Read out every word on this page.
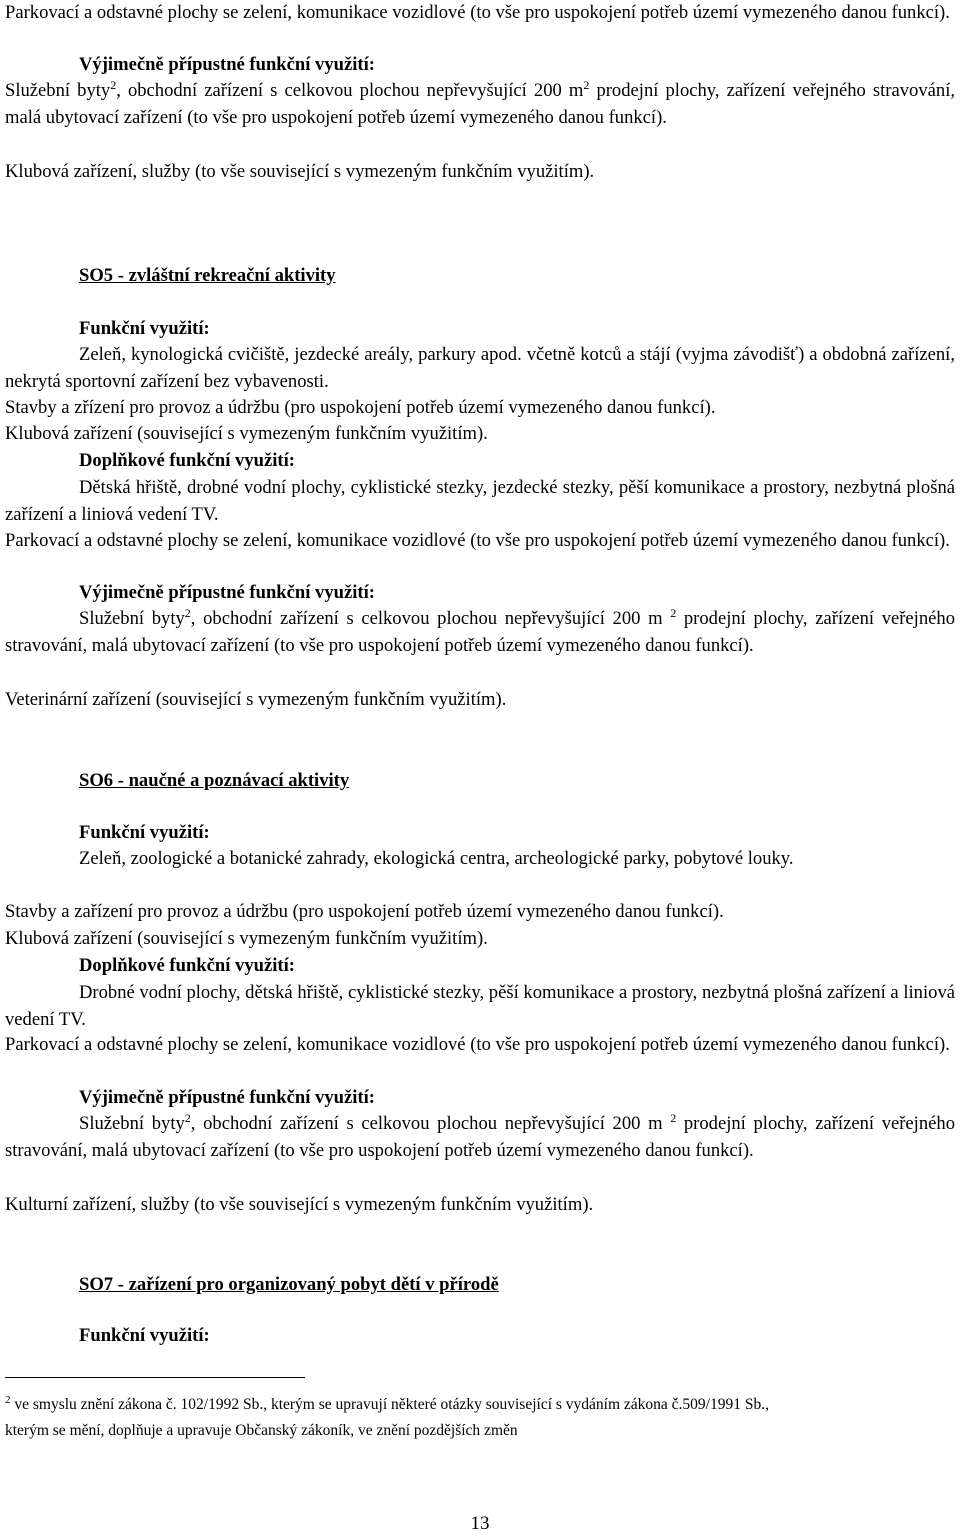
Parkovací a odstavné plochy se zelení, komunikace vozidlové (to vše pro uspokojení potřeb území vymezeného danou funkcí).
Výjimečně přípustné funkční využití:
Služební byty$^2$, obchodní zařízení s celkovou plochou nepřevyšující 200 $m^2$ prodejní plochy, zařízení veřejného stravování, malá ubytovací zařízení (to vše pro uspokojení potřeb území vymezeného danou funkcí).
Klubová zařízení, služby (to vše související s vymezeným funkčním využitím).
SO5 - zvláštní rekreační aktivity
Funkční využití:
Zeleň, kynologická cvičiště, jezdecké areály, parkury apod. včetně kotců a stájí (vyjma závodišť) a obdobná zařízení, nekrytá sportovní zařízení bez vybavenosti.
Stavby a zřízení pro provoz a údržbu (pro uspokojení potřeb území vymezeného danou funkcí).
Klubová zařízení (související s vymezeným funkčním využitím).
Doplňkové funkční využití:
Dětská hřiště, drobné vodní plochy, cyklistické stezky, jezdecké stezky, pěší komunikace a prostory, nezbytná plošná zařízení a liniová vedení TV.
Parkovací a odstavné plochy se zelení, komunikace vozidlové (to vše pro uspokojení potřeb území vymezeného danou funkcí).
Výjimečně přípustné funkční využití:
Služební byty$^2$, obchodní zařízení s celkovou plochou nepřevyšující 200 m $^2$ prodejní plochy, zařízení veřejného stravování, malá ubytovací zařízení (to vše pro uspokojení potřeb území vymezeného danou funkcí).
Veterinární zařízení (související s vymezeným funkčním využitím).
SO6 - naučné a poznávací aktivity
Funkční využití:
Zeleň, zoologické a botanické zahrady, ekologická centra, archeologické parky, pobytové louky.
Stavby a zařízení pro provoz a údržbu (pro uspokojení potřeb území vymezeného danou funkcí).
Klubová zařízení (související s vymezeným funkčním využitím).
Doplňkové funkční využití:
Drobné vodní plochy, dětská hřiště, cyklistické stezky, pěší komunikace a prostory, nezbytná plošná zařízení a liniová vedení TV.
Parkovací a odstavné plochy se zelení, komunikace vozidlové (to vše pro uspokojení potřeb území vymezeného danou funkcí).
Výjimečně přípustné funkční využití:
Služební byty$^2$, obchodní zařízení s celkovou plochou nepřevyšující 200 m $^2$ prodejní plochy, zařízení veřejného stravování, malá ubytovací zařízení (to vše pro uspokojení potřeb území vymezeného danou funkcí).
Kulturní zařízení, služby (to vše související s vymezeným funkčním využitím).
SO7 - zařízení pro organizovaný pobyt dětí v přírodě
Funkční využití:
$^2$ ve smyslu znění zákona č. 102/1992 Sb., kterým se upravují některé otázky související s vydáním zákona č.509/1991 Sb.,
kterým se mění, doplňuje a upravuje Občanský zákoník, ve znění pozdějších změn
13
